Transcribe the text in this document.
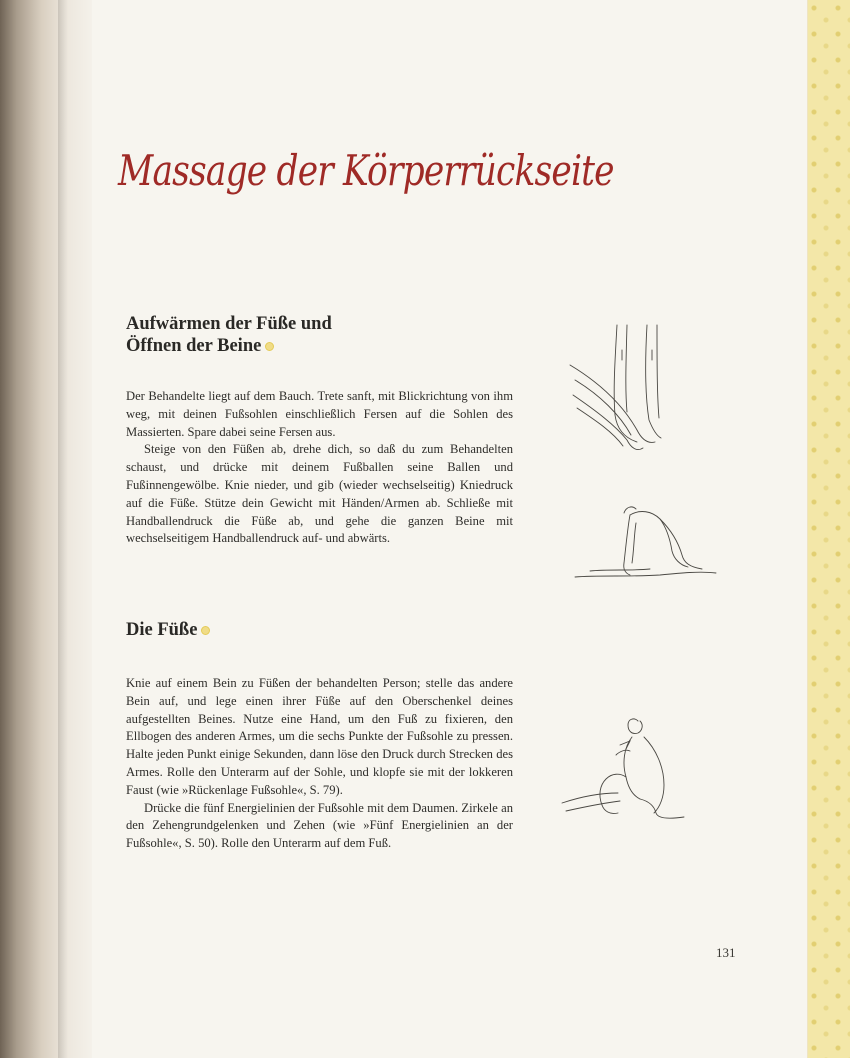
Massage der Körperrückseite
Aufwärmen der Füße und
Öffnen der Beine

Der Behandelte liegt auf dem Bauch. Trete sanft, mit Blickrichtung von ihm weg, mit deinen Fußsohlen einschließlich Fersen auf die Sohlen des Massierten. Spare dabei seine Fersen aus.

Steige von den Füßen ab, drehe dich, so daß du zum Behandelten schaust, und drücke mit deinem Fußballen seine Ballen und Fußinnengewölbe. Knie nieder, und gib (wieder wechselseitig) Kniedruck auf die Füße. Stütze dein Gewicht mit Händen/Armen ab. Schließe mit Handballendruck die Füße ab, und gehe die ganzen Beine mit wechselseitigem Handballendruck auf- und abwärts.

Die Füße

Knie auf einem Bein zu Füßen der behandelten Person; stelle das andere Bein auf, und lege einen ihrer Füße auf den Oberschenkel deines aufgestellten Beines. Nutze eine Hand, um den Fuß zu fixieren, den Ellbogen des anderen Armes, um die sechs Punkte der Fußsohle zu pressen. Halte jeden Punkt einige Sekunden, dann löse den Druck durch Strecken des Armes. Rolle den Unterarm auf der Sohle, und klopfe sie mit der lokkeren Faust (wie »Rückenlage Fußsohle«, S. 79).

Drücke die fünf Energielinien der Fußsohle mit dem Daumen. Zirkele an den Zehengrundgelenken und Zehen (wie »Fünf Energielinien an der Fußsohle«, S. 50). Rolle den Unterarm auf dem Fuß.

131
